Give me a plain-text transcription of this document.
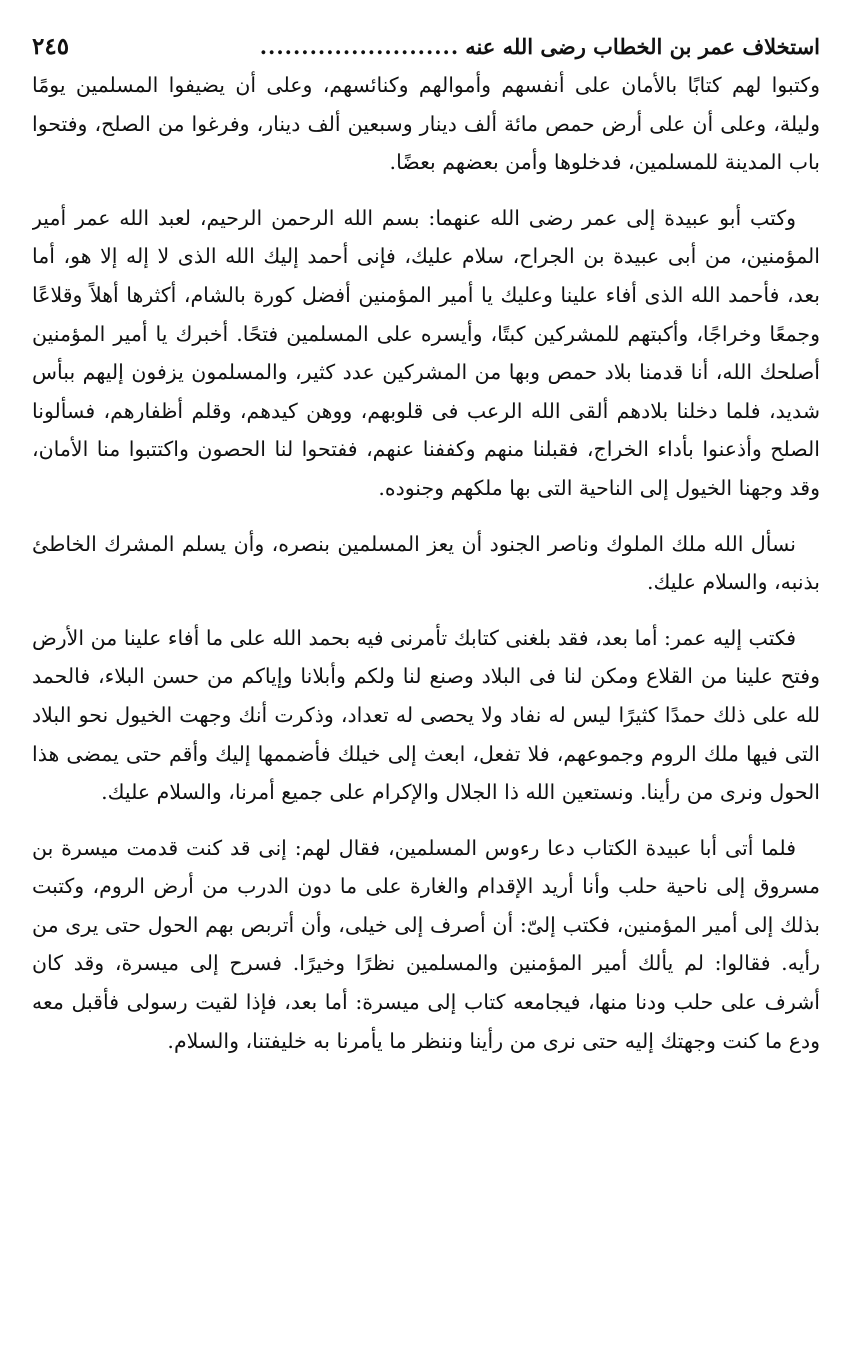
استخلاف عمر بن الخطاب رضى الله عنه
........................
٢٤٥

وكتبوا لهم كتابًا بالأمان على أنفسهم وأموالهم وكنائسهم، وعلى أن يضيفوا المسلمين يومًا وليلة، وعلى أن على أرض حمص مائة ألف دينار وسبعين ألف دينار، وفرغوا من الصلح، وفتحوا باب المدينة للمسلمين، فدخلوها وأمن بعضهم بعضًا.

وكتب أبو عبيدة إلى عمر رضى الله عنهما: بسم الله الرحمن الرحيم، لعبد الله عمر أمير المؤمنين، من أبى عبيدة بن الجراح، سلام عليك، فإنى أحمد إليك الله الذى لا إله إلا هو، أما بعد، فأحمد الله الذى أفاء علينا وعليك يا أمير المؤمنين أفضل كورة بالشام، أكثرها أهلاً وقلاعًا وجمعًا وخراجًا، وأكبتهم للمشركين كبتًا، وأيسره على المسلمين فتحًا. أخبرك يا أمير المؤمنين أصلحك الله، أنا قدمنا بلاد حمص وبها من المشركين عدد كثير، والمسلمون يزفون إليهم ببأس شديد، فلما دخلنا بلادهم ألقى الله الرعب فى قلوبهم، ووهن كيدهم، وقلم أظفارهم، فسألونا الصلح وأذعنوا بأداء الخراج، فقبلنا منهم وكففنا عنهم، ففتحوا لنا الحصون واكتتبوا منا الأمان، وقد وجهنا الخيول إلى الناحية التى بها ملكهم وجنوده.

نسأل الله ملك الملوك وناصر الجنود أن يعز المسلمين بنصره، وأن يسلم المشرك الخاطئ بذنبه، والسلام عليك.

فكتب إليه عمر: أما بعد، فقد بلغنى كتابك تأمرنى فيه بحمد الله على ما أفاء علينا من الأرض وفتح علينا من القلاع ومكن لنا فى البلاد وصنع لنا ولكم وأبلانا وإياكم من حسن البلاء، فالحمد لله على ذلك حمدًا كثيرًا ليس له نفاد ولا يحصى له تعداد، وذكرت أنك وجهت الخيول نحو البلاد التى فيها ملك الروم وجموعهم، فلا تفعل، ابعث إلى خيلك فأضممها إليك وأقم حتى يمضى هذا الحول ونرى من رأينا. ونستعين الله ذا الجلال والإكرام على جميع أمرنا، والسلام عليك.

فلما أتى أبا عبيدة الكتاب دعا رءوس المسلمين، فقال لهم: إنى قد كنت قدمت ميسرة بن مسروق إلى ناحية حلب وأنا أريد الإقدام والغارة على ما دون الدرب من أرض الروم، وكتبت بذلك إلى أمير المؤمنين، فكتب إلىّ: أن أصرف إلى خيلى، وأن أتربص بهم الحول حتى يرى من رأيه. فقالوا: لم يألك أمير المؤمنين والمسلمين نظرًا وخيرًا. فسرح إلى ميسرة، وقد كان أشرف على حلب ودنا منها، فيجامعه كتاب إلى ميسرة: أما بعد، فإذا لقيت رسولى فأقبل معه ودع ما كنت وجهتك إليه حتى نرى من رأينا وننظر ما يأمرنا به خليفتنا، والسلام.
